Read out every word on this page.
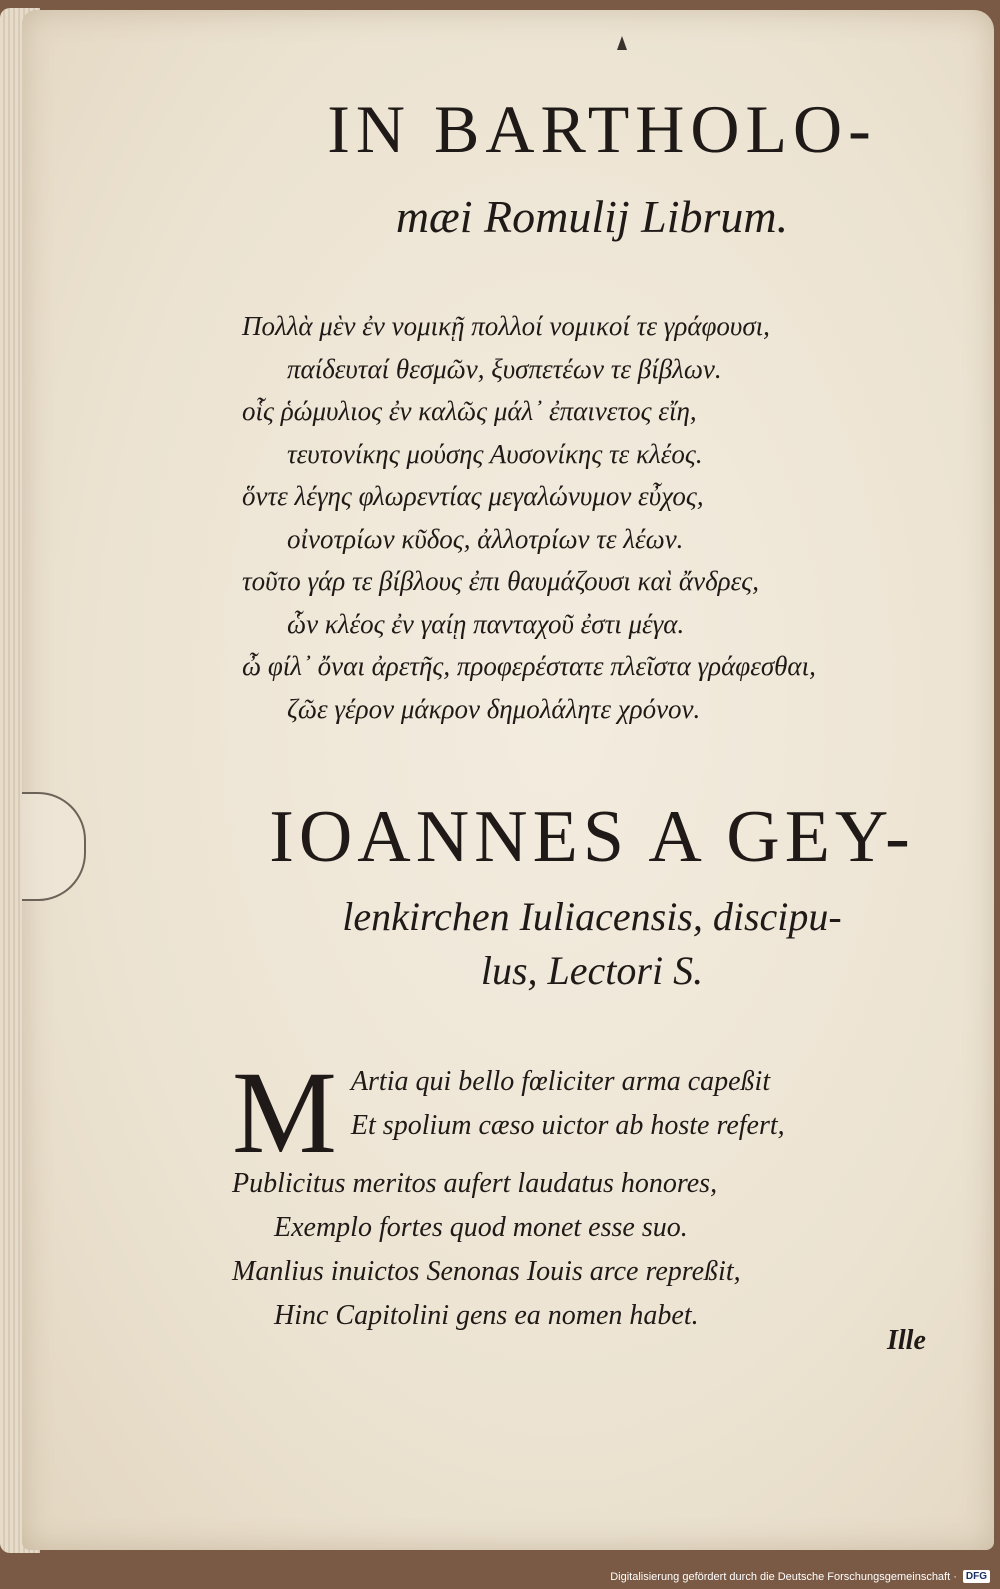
IN BARTHOLO-
mæi Romulij Librum.
Πολλὰ μὲν ἐν νομικῇ πολλοί νομικοί τε γράφουσι,
παίδευταί θεσμῶν, ξυσπετέων τε βίβλων.
οἷς ῥώμυλιος ἐν καλῶς μάλ᾽ ἐπαινετος εἴη,
τευτονίκης μούσης Αυσονίκης τε κλέος.
ὅντε λέγης φλωρεντίας μεγαλώνυμον εὖχος,
οἰνοτρίων κῦδος, ἀλλοτρίων τε λέων.
τοῦτο γάρ τε βίβλους ἐπι θαυμάζουσι καὶ ἄνδρες,
ὧν κλέος ἐν γαίῃ πανταχοῦ ἐστι μέγα.
ὦ φίλ᾽ ὄναι ἀρετῆς, προφερέστατε πλεῖστα γράφεσθαι,
ζῶε γέρον μάκρον δημολάλητε χρόνον.
IOANNES A GEY-
lenkirchen Iuliacensis, discipu-
lus, Lectori S.
M Artia qui bello fœliciter arma capeßit
Et spolium cæso uictor ab hoste refert,
Publicitus meritos aufert laudatus honores,
Exemplo fortes quod monet esse suo.
Manlius inuictos Senonas Iouis arce repreßit,
Hinc Capitolini gens ea nomen habet.
Ille
Digitalisierung gefördert durch die Deutsche Forschungsgemeinschaft · DFG
